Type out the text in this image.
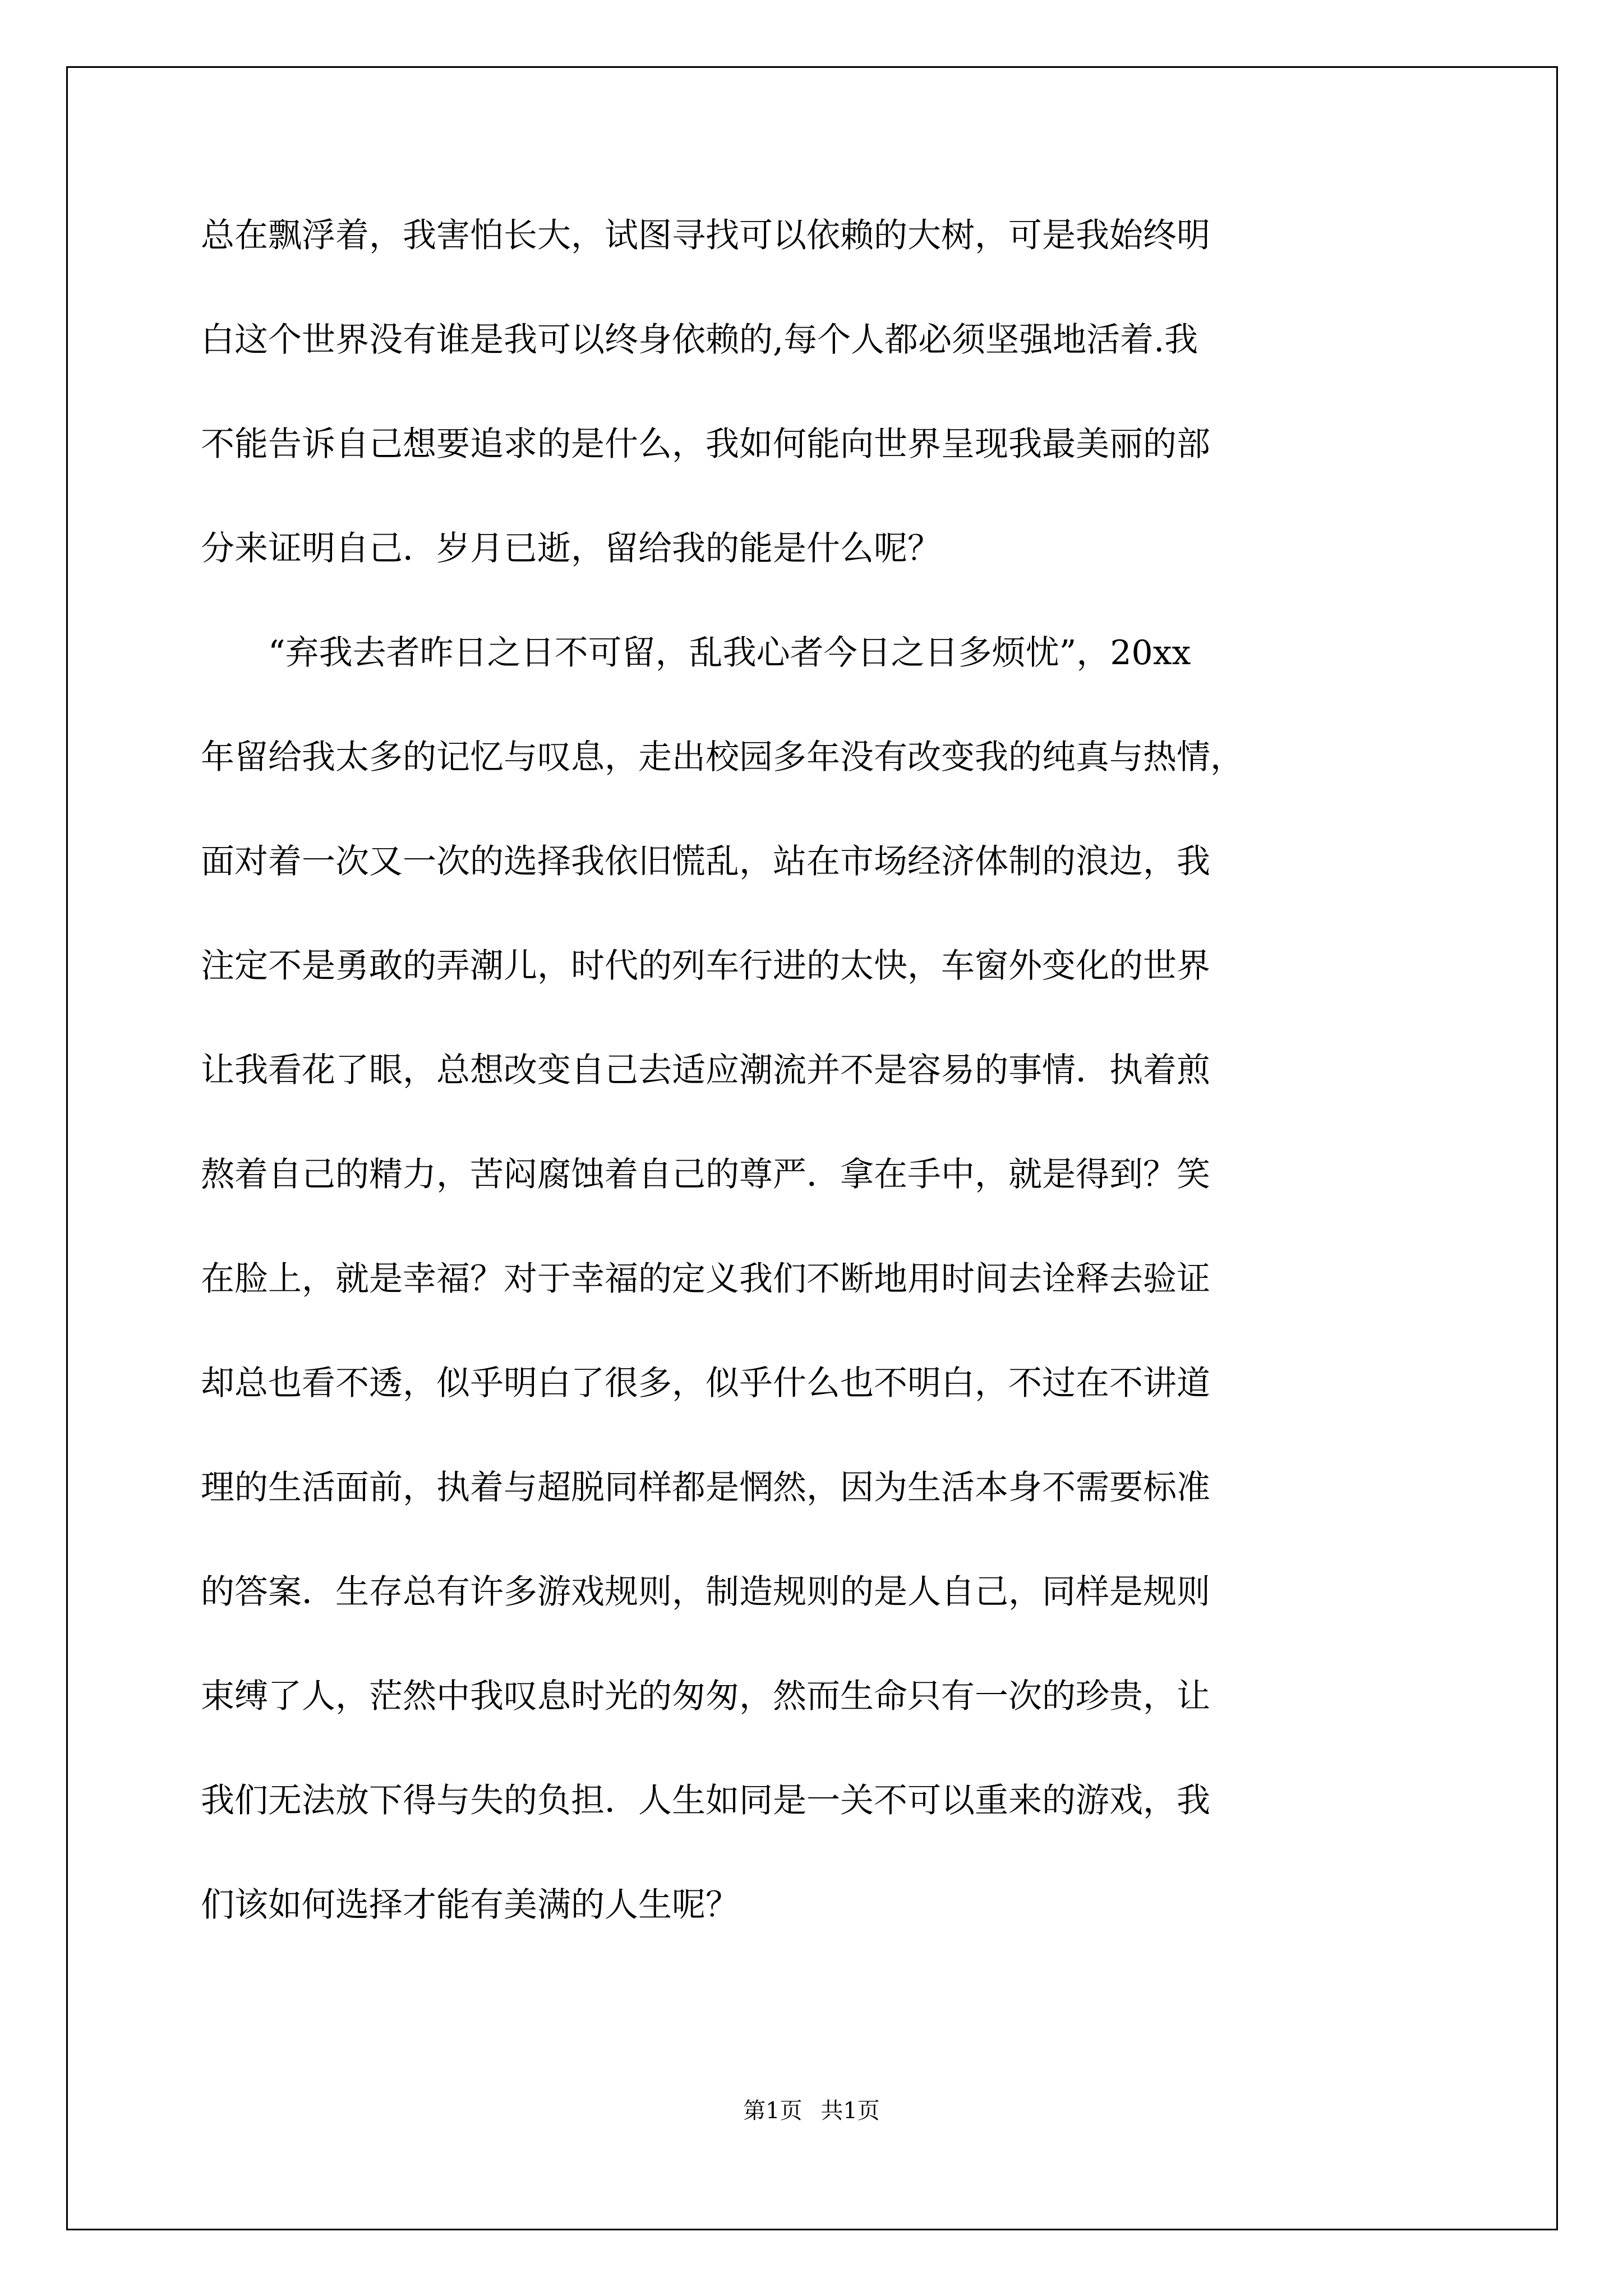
总在飘浮着，我害怕长大，试图寻找可以依赖的大树，可是我始终明
白这个世界没有谁是我可以终身依赖的,每个人都必须坚强地活着.我
不能告诉自己想要追求的是什么，我如何能向世界呈现我最美丽的部
分来证明自己．岁月已逝，留给我的能是什么呢？
“弃我去者昨日之日不可留，乱我心者今日之日多烦忧”，20xx
年留给我太多的记忆与叹息，走出校园多年没有改变我的纯真与热情，
面对着一次又一次的选择我依旧慌乱，站在市场经济体制的浪边，我
注定不是勇敢的弄潮儿，时代的列车行进的太快，车窗外变化的世界
让我看花了眼，总想改变自己去适应潮流并不是容易的事情．执着煎
熬着自己的精力，苦闷腐蚀着自己的尊严．拿在手中，就是得到？笑
在脸上，就是幸福？对于幸福的定义我们不断地用时间去诠释去验证
却总也看不透，似乎明白了很多，似乎什么也不明白，不过在不讲道
理的生活面前，执着与超脱同样都是惘然，因为生活本身不需要标准
的答案．生存总有许多游戏规则，制造规则的是人自己，同样是规则
束缚了人，茫然中我叹息时光的匆匆，然而生命只有一次的珍贵，让
我们无法放下得与失的负担．人生如同是一关不可以重来的游戏，我
们该如何选择才能有美满的人生呢？
第1页 共1页
